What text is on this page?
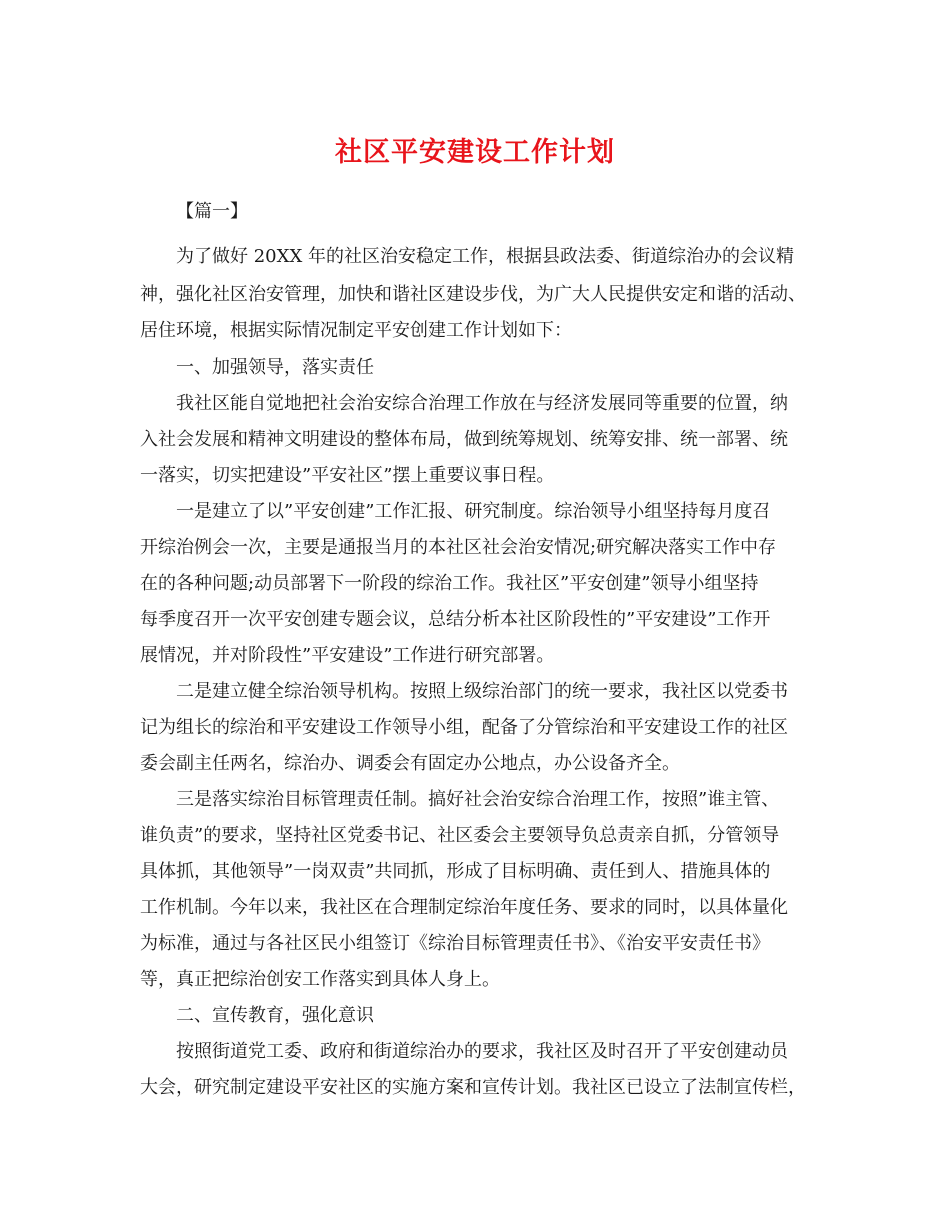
社区平安建设工作计划
【篇一】
为了做好 20XX 年的社区治安稳定工作，根据县政法委、街道综治办的会议精
神，强化社区治安管理，加快和谐社区建设步伐，为广大人民提供安定和谐的活动、
居住环境，根据实际情况制定平安创建工作计划如下：
一、加强领导，落实责任
我社区能自觉地把社会治安综合治理工作放在与经济发展同等重要的位置，纳
入社会发展和精神文明建设的整体布局，做到统筹规划、统筹安排、统一部署、统
一落实，切实把建设”平安社区”摆上重要议事日程。
一是建立了以”平安创建”工作汇报、研究制度。综治领导小组坚持每月度召
开综治例会一次，主要是通报当月的本社区社会治安情况;研究解决落实工作中存
在的各种问题;动员部署下一阶段的综治工作。我社区”平安创建”领导小组坚持
每季度召开一次平安创建专题会议，总结分析本社区阶段性的”平安建设”工作开
展情况，并对阶段性”平安建设”工作进行研究部署。
二是建立健全综治领导机构。按照上级综治部门的统一要求，我社区以党委书
记为组长的综治和平安建设工作领导小组，配备了分管综治和平安建设工作的社区
委会副主任两名，综治办、调委会有固定办公地点，办公设备齐全。
三是落实综治目标管理责任制。搞好社会治安综合治理工作，按照”谁主管、
谁负责”的要求，坚持社区党委书记、社区委会主要领导负总责亲自抓，分管领导
具体抓，其他领导”一岗双责”共同抓，形成了目标明确、责任到人、措施具体的
工作机制。今年以来，我社区在合理制定综治年度任务、要求的同时，以具体量化
为标准，通过与各社区民小组签订《综治目标管理责任书》、《治安平安责任书》
等，真正把综治创安工作落实到具体人身上。
二、宣传教育，强化意识
按照街道党工委、政府和街道综治办的要求，我社区及时召开了平安创建动员
大会，研究制定建设平安社区的实施方案和宣传计划。我社区已设立了法制宣传栏，
